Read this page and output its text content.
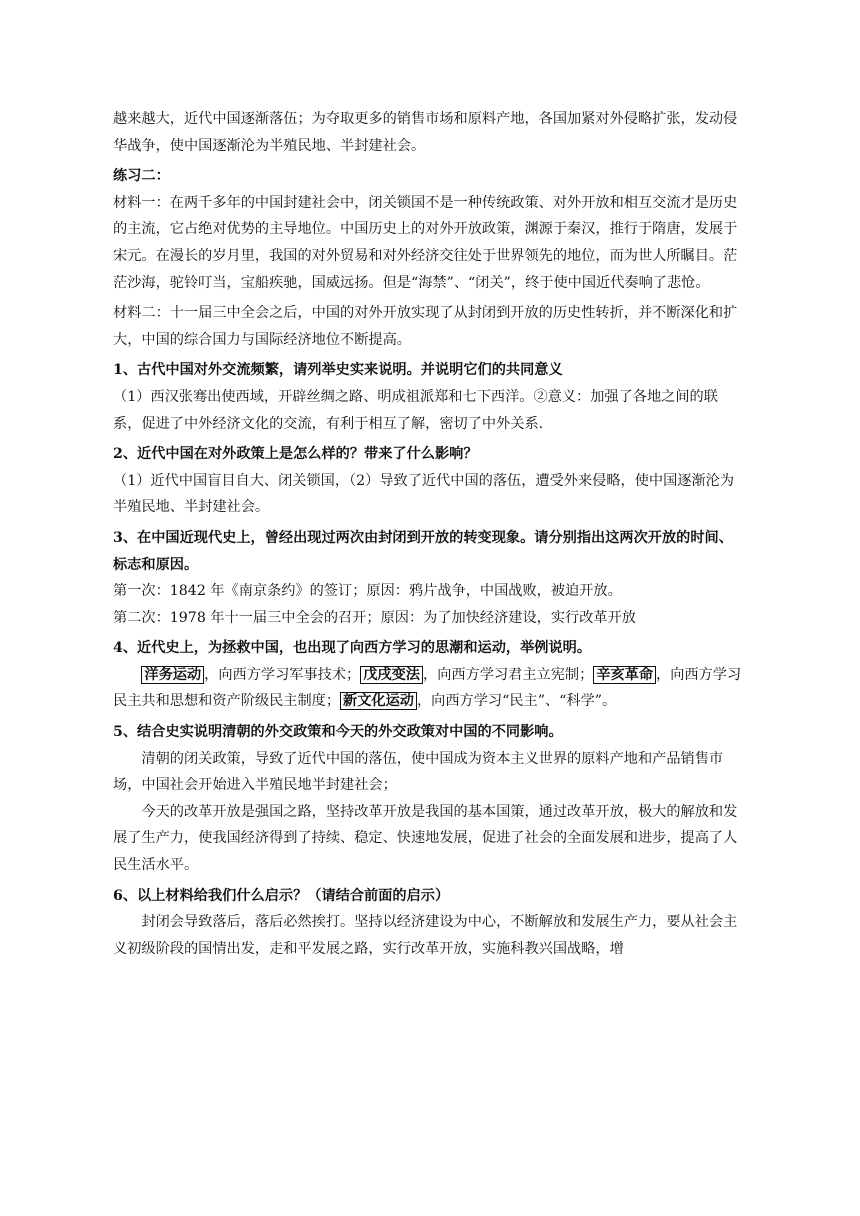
越来越大，近代中国逐渐落伍；为夺取更多的销售市场和原料产地，各国加紧对外侵略扩张，发动侵华战争，使中国逐渐沦为半殖民地、半封建社会。

练习二：

材料一：在两千多年的中国封建社会中，闭关锁国不是一种传统政策、对外开放和相互交流才是历史的主流，它占绝对优势的主导地位。中国历史上的对外开放政策，渊源于秦汉，推行于隋唐，发展于宋元。在漫长的岁月里，我国的对外贸易和对外经济交往处于世界领先的地位，而为世人所瞩目。茫茫沙海，驼铃叮当，宝船疾驰，国威远扬。但是“海禁”、“闭关”，终于使中国近代奏响了悲怆。

材料二：十一届三中全会之后，中国的对外开放实现了从封闭到开放的历史性转折，并不断深化和扩大，中国的综合国力与国际经济地位不断提高。

1、古代中国对外交流频繁，请列举史实来说明。并说明它们的共同意义

（1）西汉张骞出使西域，开辟丝绸之路、明成祖派郑和七下西洋。②意义：加强了各地之间的联系，促进了中外经济文化的交流，有利于相互了解，密切了中外关系.

2、近代中国在对外政策上是怎么样的？带来了什么影响？

（1）近代中国盲目自大、闭关锁国，（2）导致了近代中国的落伍，遭受外来侵略，使中国逐渐沦为半殖民地、半封建社会。

3、在中国近现代史上，曾经出现过两次由封闭到开放的转变现象。请分别指出这两次开放的时间、标志和原因。

第一次：1842 年《南京条约》的签订；原因：鸦片战争，中国战败，被迫开放。

第二次：1978 年十一届三中全会的召开；原因：为了加快经济建设，实行改革开放

4、近代史上，为拯救中国，也出现了向西方学习的思潮和运动，举例说明。

洋务运动 ，向西方学习军事技术； 戊戌变法 ，向西方学习君主立宪制； 辛亥革命 ，向西方学习民主共和思想和资产阶级民主制度； 新文化运动 ，向西方学习“民主”、“科学”。

5、结合史实说明清朝的外交政策和今天的外交政策对中国的不同影响。

清朝的闭关政策，导致了近代中国的落伍，使中国成为资本主义世界的原料产地和产品销售市场，中国社会开始进入半殖民地半封建社会；

今天的改革开放是强国之路，坚持改革开放是我国的基本国策，通过改革开放，极大的解放和发展了生产力，使我国经济得到了持续、稳定、快速地发展，促进了社会的全面发展和进步，提高了人民生活水平。

6、以上材料给我们什么启示？（请结合前面的启示）

封闭会导致落后，落后必然挨打。坚持以经济建设为中心，不断解放和发展生产力，要从社会主义初级阶段的国情出发，走和平发展之路，实行改革开放，实施科教兴国战略，增
